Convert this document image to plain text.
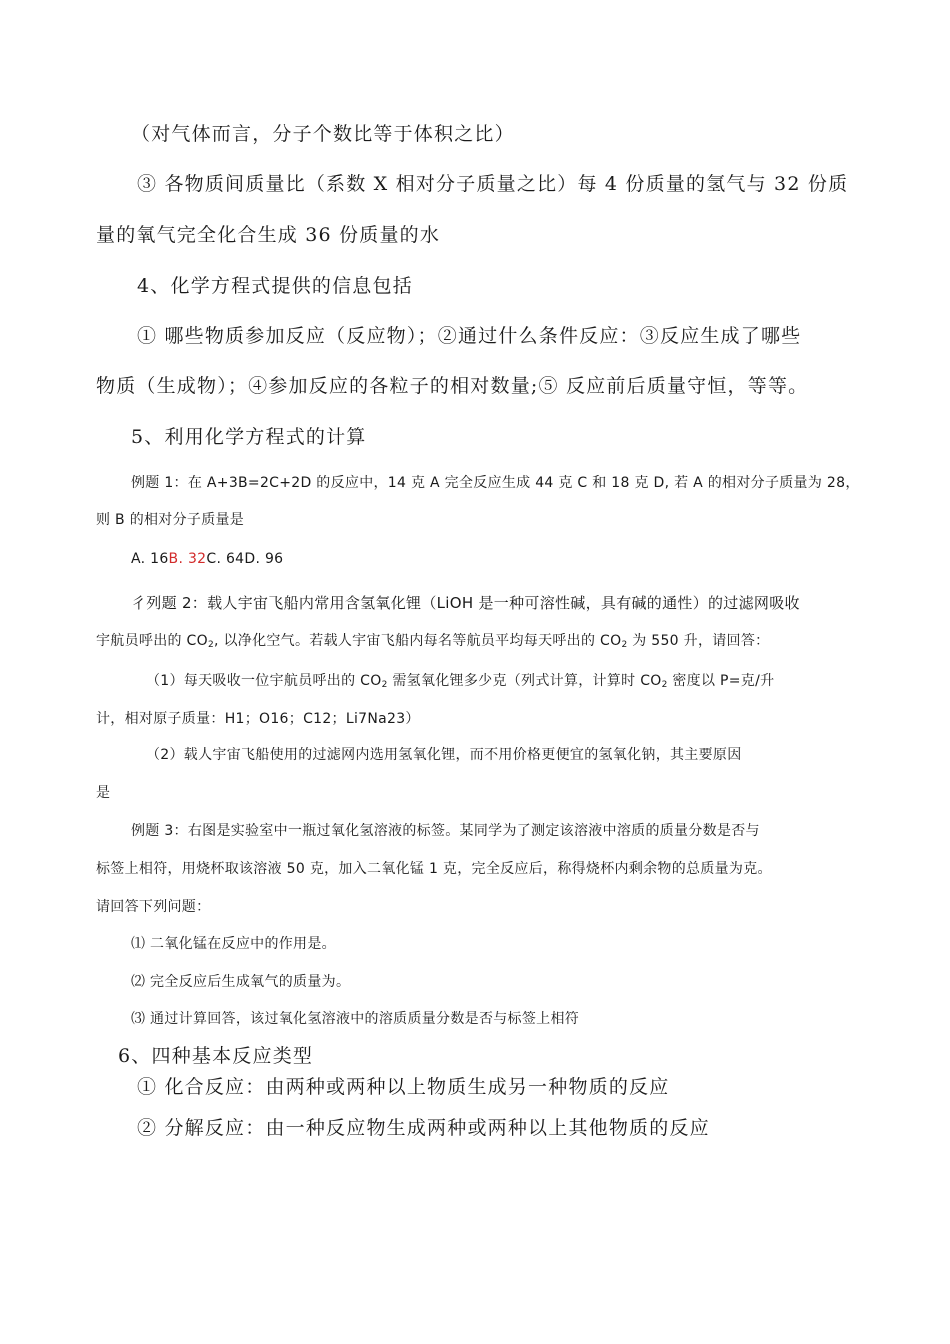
（对气体而言，分子个数比等于体积之比）
③ 各物质间质量比（系数 X 相对分子质量之比）每 4 份质量的氢气与 32 份质
量的氧气完全化合生成 36 份质量的水
4、化学方程式提供的信息包括
① 哪些物质参加反应（反应物）；②通过什么条件反应：③反应生成了哪些
物质（生成物）；④参加反应的各粒子的相对数量;⑤ 反应前后质量守恒，等等。
5、利用化学方程式的计算
例题 1：在 A+3B=2C+2D 的反应中，14 克 A 完全反应生成 44 克 C 和 18 克 D, 若 A 的相对分子质量为 28，
则 B 的相对分子质量是
A. 16B. 32C. 64D. 96
彳列题 2：载人宇宙飞船内常用含氢氧化锂（LiOH 是一种可溶性碱，具有碱的通性）的过滤网吸收
宇航员呼出的 $CO_2$, 以净化空气。若载人宇宙飞船内每名等航员平均每天呼出的 $CO_2$ 为 550 升，请回答：
（1）每天吸收一位宇航员呼出的 $CO_2$ 需氢氧化锂多少克（列式计算，计算时 $CO_2$ 密度以 P=克/升
计，相对原子质量：H1；O16；C12；Li7Na23）
（2）载人宇宙飞船使用的过滤网内选用氢氧化锂，而不用价格更便宜的氢氧化钠，其主要原因
是
例题 3：右图是实验室中一瓶过氧化氢溶液的标签。某同学为了测定该溶液中溶质的质量分数是否与
标签上相符，用烧杯取该溶液 50 克，加入二氧化锰 1 克，完全反应后，称得烧杯内剩余物的总质量为克。
请回答下列问题：
⑴ 二氧化锰在反应中的作用是。
⑵ 完全反应后生成氧气的质量为。
⑶ 通过计算回答，该过氧化氢溶液中的溶质质量分数是否与标签上相符
6、四种基本反应类型
① 化合反应：由两种或两种以上物质生成另一种物质的反应
② 分解反应：由一种反应物生成两种或两种以上其他物质的反应
